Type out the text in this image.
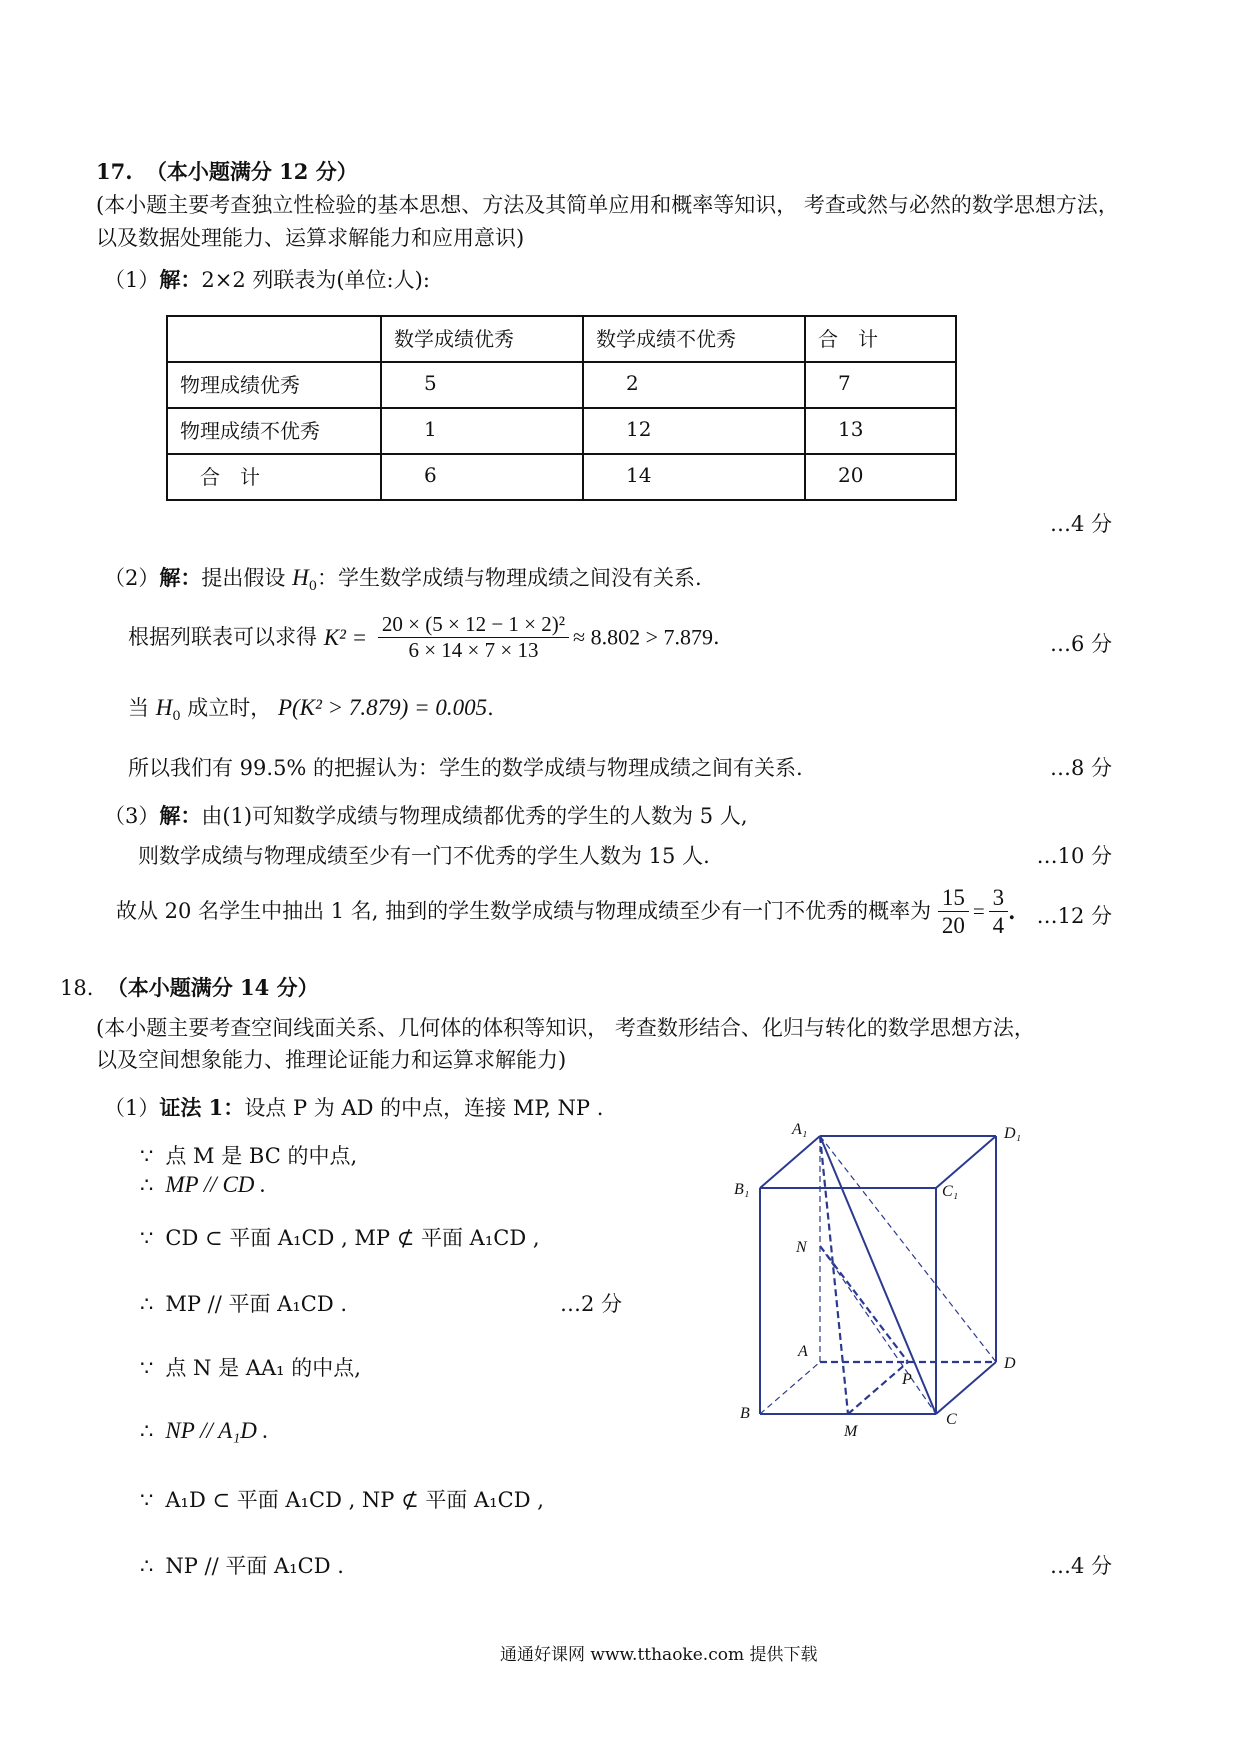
17. （本小题满分 12 分）
(本小题主要考查独立性检验的基本思想、方法及其简单应用和概率等知识， 考查或然与必然的数学思想方法，
以及数据处理能力、运算求解能力和应用意识)
（1）解：2×2 列联表为(单位:人):
	数学成绩优秀	数学成绩不优秀	合　计
物理成绩优秀	5	2	7
物理成绩不优秀	1	12	13
合　计	6	14	20
…4 分
（2）解：提出假设 $H_0$：学生数学成绩与物理成绩之间没有关系.
根据列联表可以求得 $K^2 = \frac{\text{20 × (5 × 12 − 1 × 2)²}}{6 \times 14 \times 7 \times 13} \approx 8.802 > 7.879$.	…6 分
当 $H_0$ 成立时， P(K² > 7.879) = 0.005.
所以我们有 99.5% 的把握认为：学生的数学成绩与物理成绩之间有关系.	…8 分
（3）解：由(1)可知数学成绩与物理成绩都优秀的学生的人数为 5 人,
则数学成绩与物理成绩至少有一门不优秀的学生人数为 15 人.	…10 分
故从 20 名学生中抽出 1 名, 抽到的学生数学成绩与物理成绩至少有一门不优秀的概率为 $\frac{15}{20} = \frac{3}{4}$ . …12 分
18. （本小题满分 14 分）
(本小题主要考查空间线面关系、几何体的体积等知识， 考查数形结合、化归与转化的数学思想方法，
以及空间想象能力、推理论证能力和运算求解能力)
（1）证法 1：设点 P 为 AD 的中点，连接 MP, NP .
∵ 点 M 是 BC 的中点,
∴ MP // CD .
∵ CD ⊂ 平面 A₁CD , MP ⊄ 平面 A₁CD ,
∴ MP // 平面 A₁CD .	…2 分
∵ 点 N 是 AA₁ 的中点,
∴ NP // A₁D .
∵ A₁D ⊂ 平面 A₁CD , NP ⊄ 平面 A₁CD ,
∴ NP // 平面 A₁CD .	…4 分
A₁	D₁
B₁	C₁
N
A
P
D
B
M
C
通通好课网 www.tthaoke.com 提供下载
